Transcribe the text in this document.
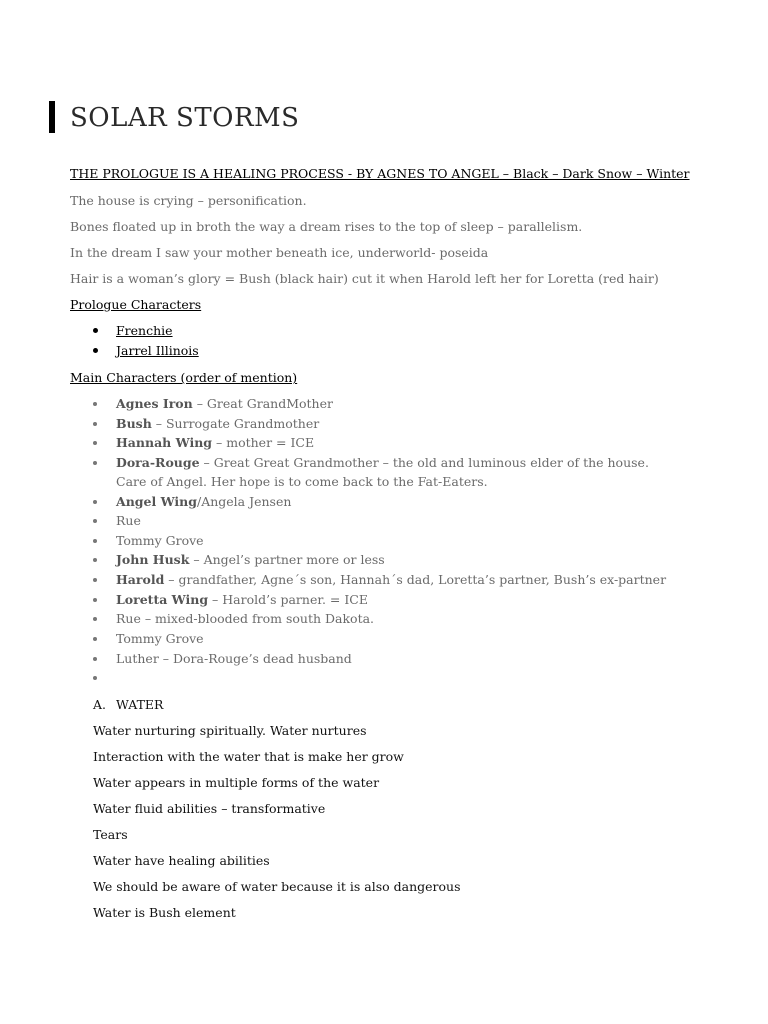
SOLAR STORMS
THE PROLOGUE IS A HEALING PROCESS - BY AGNES TO ANGEL – Black – Dark Snow – Winter
The house is crying – personification.
Bones floated up in broth the way a dream rises to the top of sleep – parallelism.
In the dream I saw your mother beneath ice, underworld- poseida
Hair is a woman’s glory = Bush (black hair) cut it when Harold left her for Loretta (red hair)
Prologue Characters
Frenchie
Jarrel Illinois
Main Characters (order of mention)
Agnes Iron – Great GrandMother
Bush – Surrogate Grandmother
Hannah Wing – mother = ICE
Dora-Rouge – Great Great Grandmother – the old and luminous elder of the house. Care of Angel. Her hope is to come back to the Fat-Eaters.
Angel Wing/Angela Jensen
Rue
Tommy Grove
John Husk – Angel’s partner more or less
Harold – grandfather, Agne´s son, Hannah´s dad, Loretta’s partner, Bush’s ex-partner
Loretta Wing – Harold’s parner. = ICE
Rue – mixed-blooded from south Dakota.
Tommy Grove
Luther – Dora-Rouge’s dead husband
A. WATER
Water nurturing spiritually. Water nurtures
Interaction with the water that is make her grow
Water appears in multiple forms of the water
Water fluid abilities – transformative
Tears
Water have healing abilities
We should be aware of water because it is also dangerous
Water is Bush element
